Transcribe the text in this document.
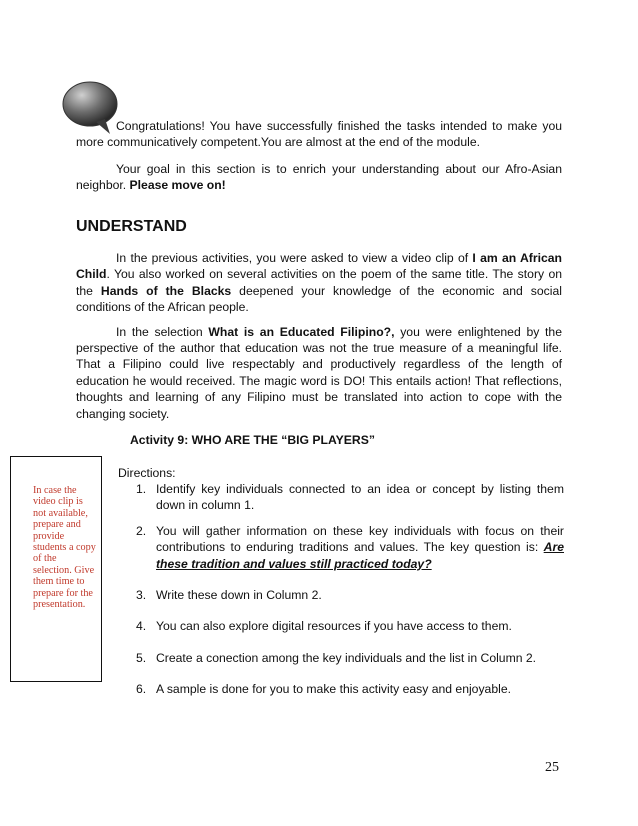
Congratulations! You have successfully finished the tasks intended to make you more communicatively competent.You are almost at the end of the module.

Your goal in this section is to enrich your understanding about our Afro-Asian neighbor. Please move on!

UNDERSTAND

In the previous activities, you were asked to view a video clip of I am an African Child. You also worked on several activities on the poem of the same title. The story on the Hands of the Blacks deepened your knowledge of the economic and social conditions of the African people.

In the selection What is an Educated Filipino?, you were enlightened by the perspective of the author that education was not the true measure of a meaningful life. That a Filipino could live respectably and productively regardless of the length of education he would received. The magic word is DO! This entails action! That reflections, thoughts and learning of any Filipino must be translated into action to cope with the changing society.

Activity 9: WHO ARE THE “BIG PLAYERS”
Directions:
1. Identify key individuals connected to an idea or concept by listing them down in column 1.
2. You will gather information on these key individuals with focus on their contributions to enduring traditions and values. The key question is: Are these tradition and values still practiced today?
3. Write these down in Column 2.
4. You can also explore digital resources if you have access to them.
5. Create a conection among the key individuals and the list in Column 2.
6. A sample is done for you to make this activity easy and enjoyable.
In case the video clip is not available, prepare and provide students a copy of the selection. Give them time to prepare for the presentation.
25
